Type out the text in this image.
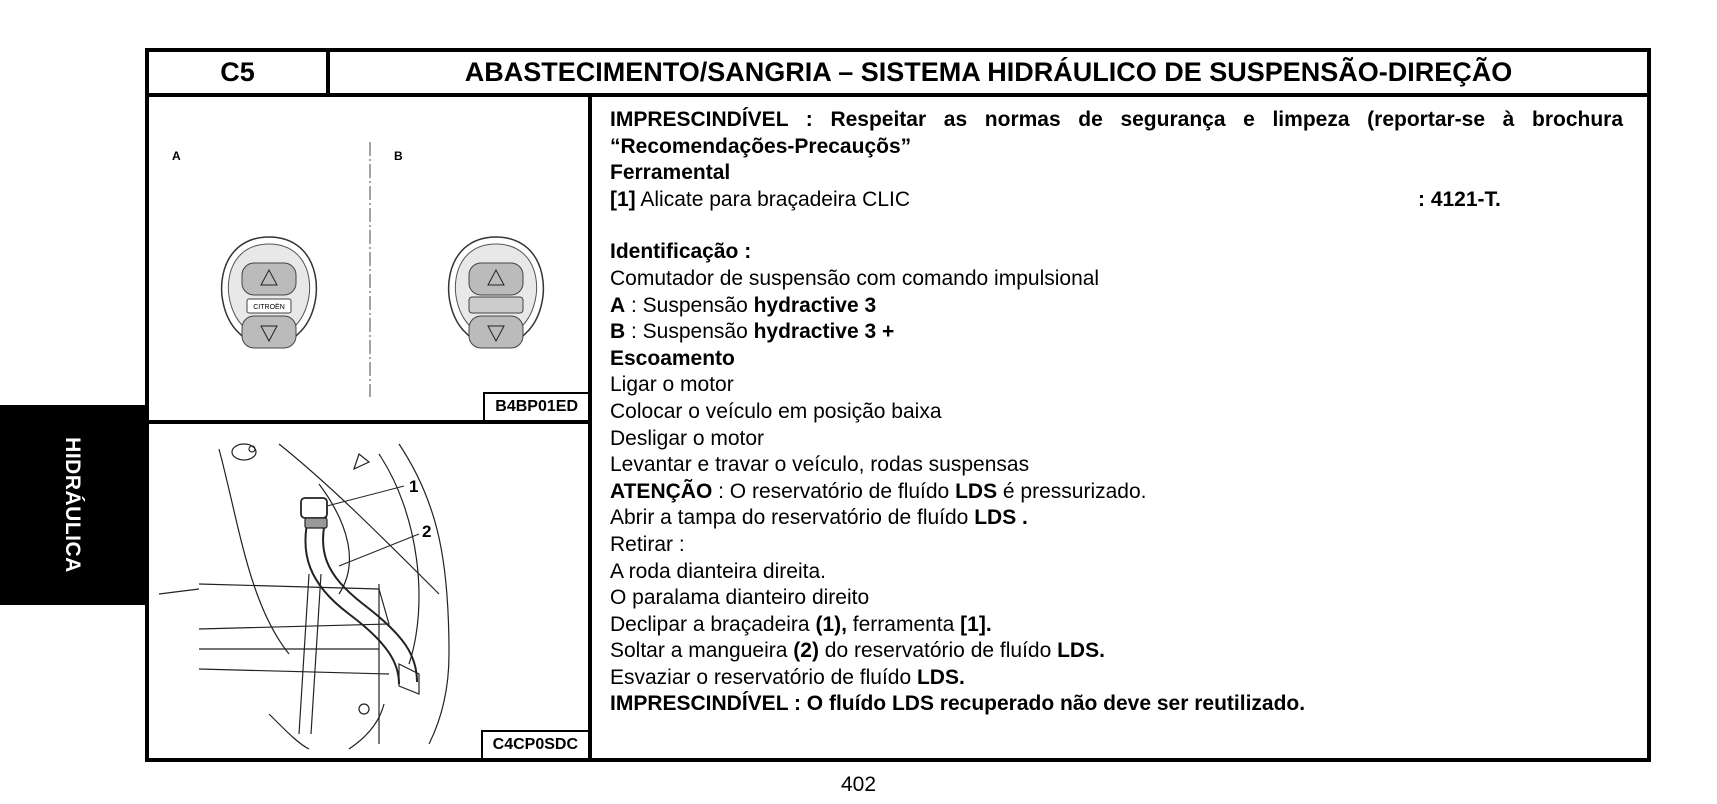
HIDRÁULICA
C5	ABASTECIMENTO/SANGRIA – SISTEMA HIDRÁULICO DE SUSPENSÃO-DIREÇÃO
CITROËN
A	B
B4BP01ED
1
2
C4CP0SDC

IMPRESCINDÍVEL : Respeitar as normas de segurança e limpeza (reportar-se à brochura “Recomendações-Precauçõs”

Ferramental

[1] Alicate para braçadeira CLIC	: 4121-T.

Identificação :

Comutador de suspensão com comando impulsional

A : Suspensão hydractive 3

B : Suspensão hydractive 3 +

Escoamento

Ligar o motor

Colocar o veículo em posição baixa

Desligar o motor

Levantar e travar o veículo, rodas suspensas

ATENÇÃO : O reservatório de fluído LDS é pressurizado.

Abrir a tampa do reservatório de fluído LDS .

Retirar :

A roda dianteira direita.

O paralama dianteiro direito

Declipar a braçadeira (1), ferramenta [1].

Soltar a mangueira (2) do reservatório de fluído LDS.

Esvaziar o reservatório de fluído LDS.

IMPRESCINDÍVEL : O fluído LDS recuperado não deve ser reutilizado.

402
